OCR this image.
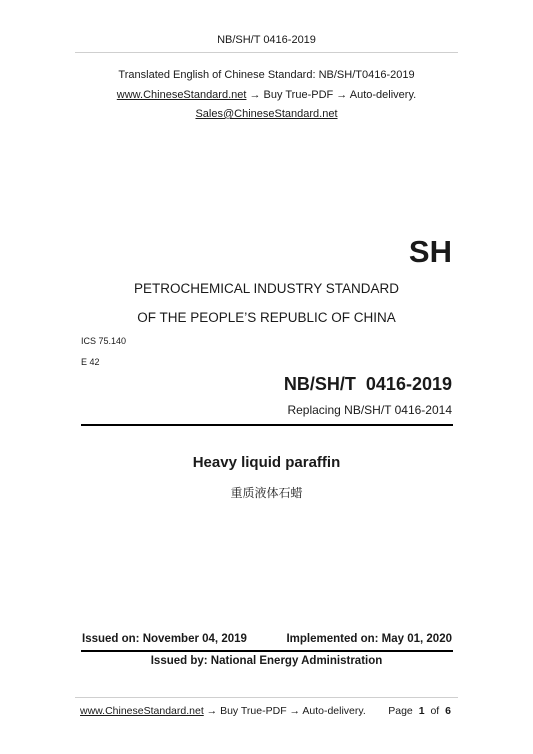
NB/SH/T 0416-2019
Translated English of Chinese Standard: NB/SH/T0416-2019
www.ChineseStandard.net → Buy True-PDF → Auto-delivery.
Sales@ChineseStandard.net
SH
PETROCHEMICAL INDUSTRY STANDARD
OF THE PEOPLE’S REPUBLIC OF CHINA
ICS 75.140
E 42
NB/SH/T  0416-2019
Replacing NB/SH/T 0416-2014
Heavy liquid paraffin
重质液体石蜡
Issued on: November 04, 2019	Implemented on: May 01, 2020
Issued by: National Energy Administration
www.ChineseStandard.net → Buy True-PDF → Auto-delivery. Page 1 of 6
